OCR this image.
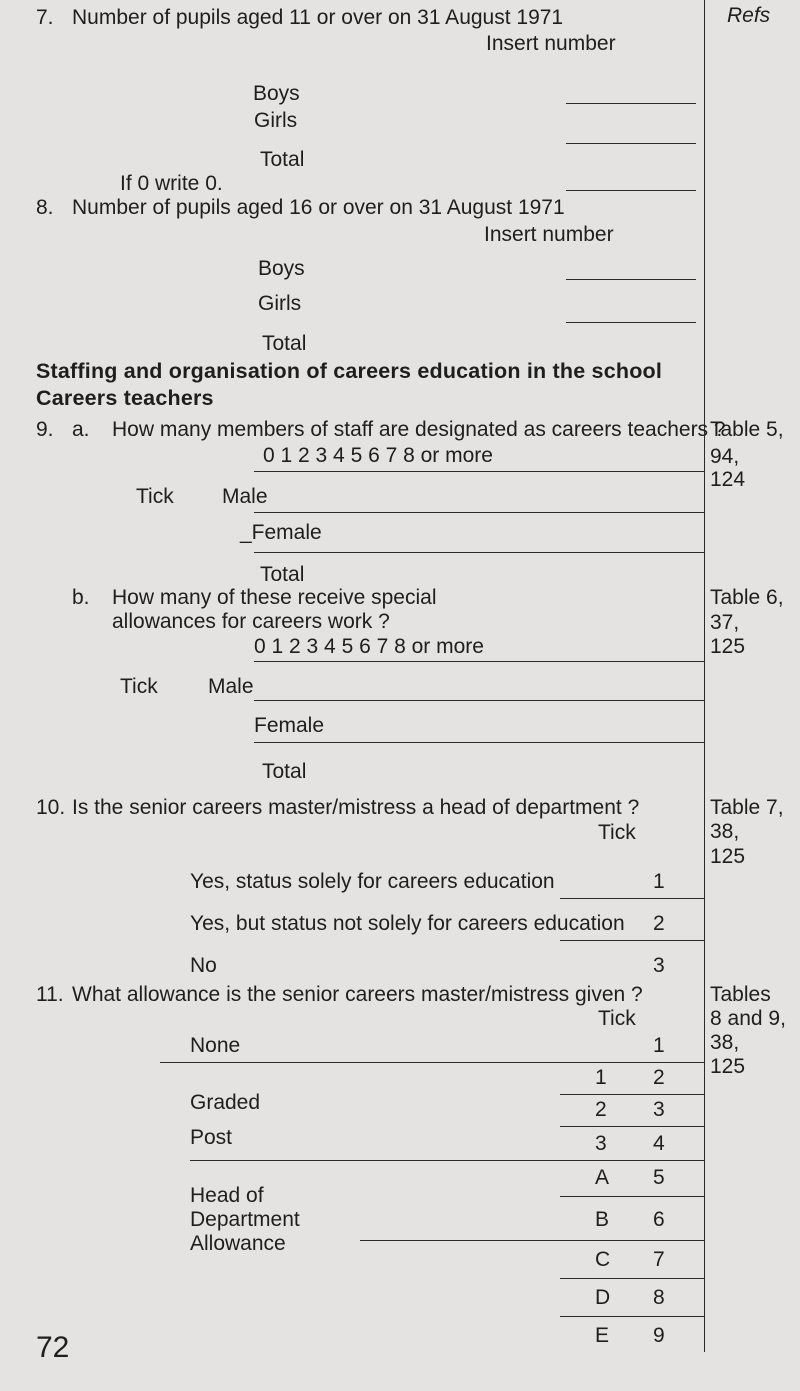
7. Number of pupils aged 11 or over on 31 August 1971	Refs
Insert number
Boys
Girls
Total
If 0 write 0.
8. Number of pupils aged 16 or over on 31 August 1971
Insert number
Boys
Girls
Total
Staffing and organisation of careers education in the school
Careers teachers
9. a. How many members of staff are designated as careers teachers ?
0 1 2 3 4 5 6 7 8 or more
Table 5,
94,
124
Tick Male
_Female
Total
b. How many of these receive special
allowances for careers work ?
Table 6,
37,
125
0 1 2 3 4 5 6 7 8 or more
Tick Male
Female
Total
10. Is the senior careers master/mistress a head of department ?	Table 7,
38,
125
Tick
Yes, status solely for careers education	1
Yes, but status not solely for careers education 2
No	3
11. What allowance is the senior careers master/mistress given ?	Tables
8 and 9,
38,
125
Tick
None	1
1 2
Graded	2 3
Post	3 4
A 5
Head of
Department	B 6
Allowance
C 7
D 8
E 9
72
